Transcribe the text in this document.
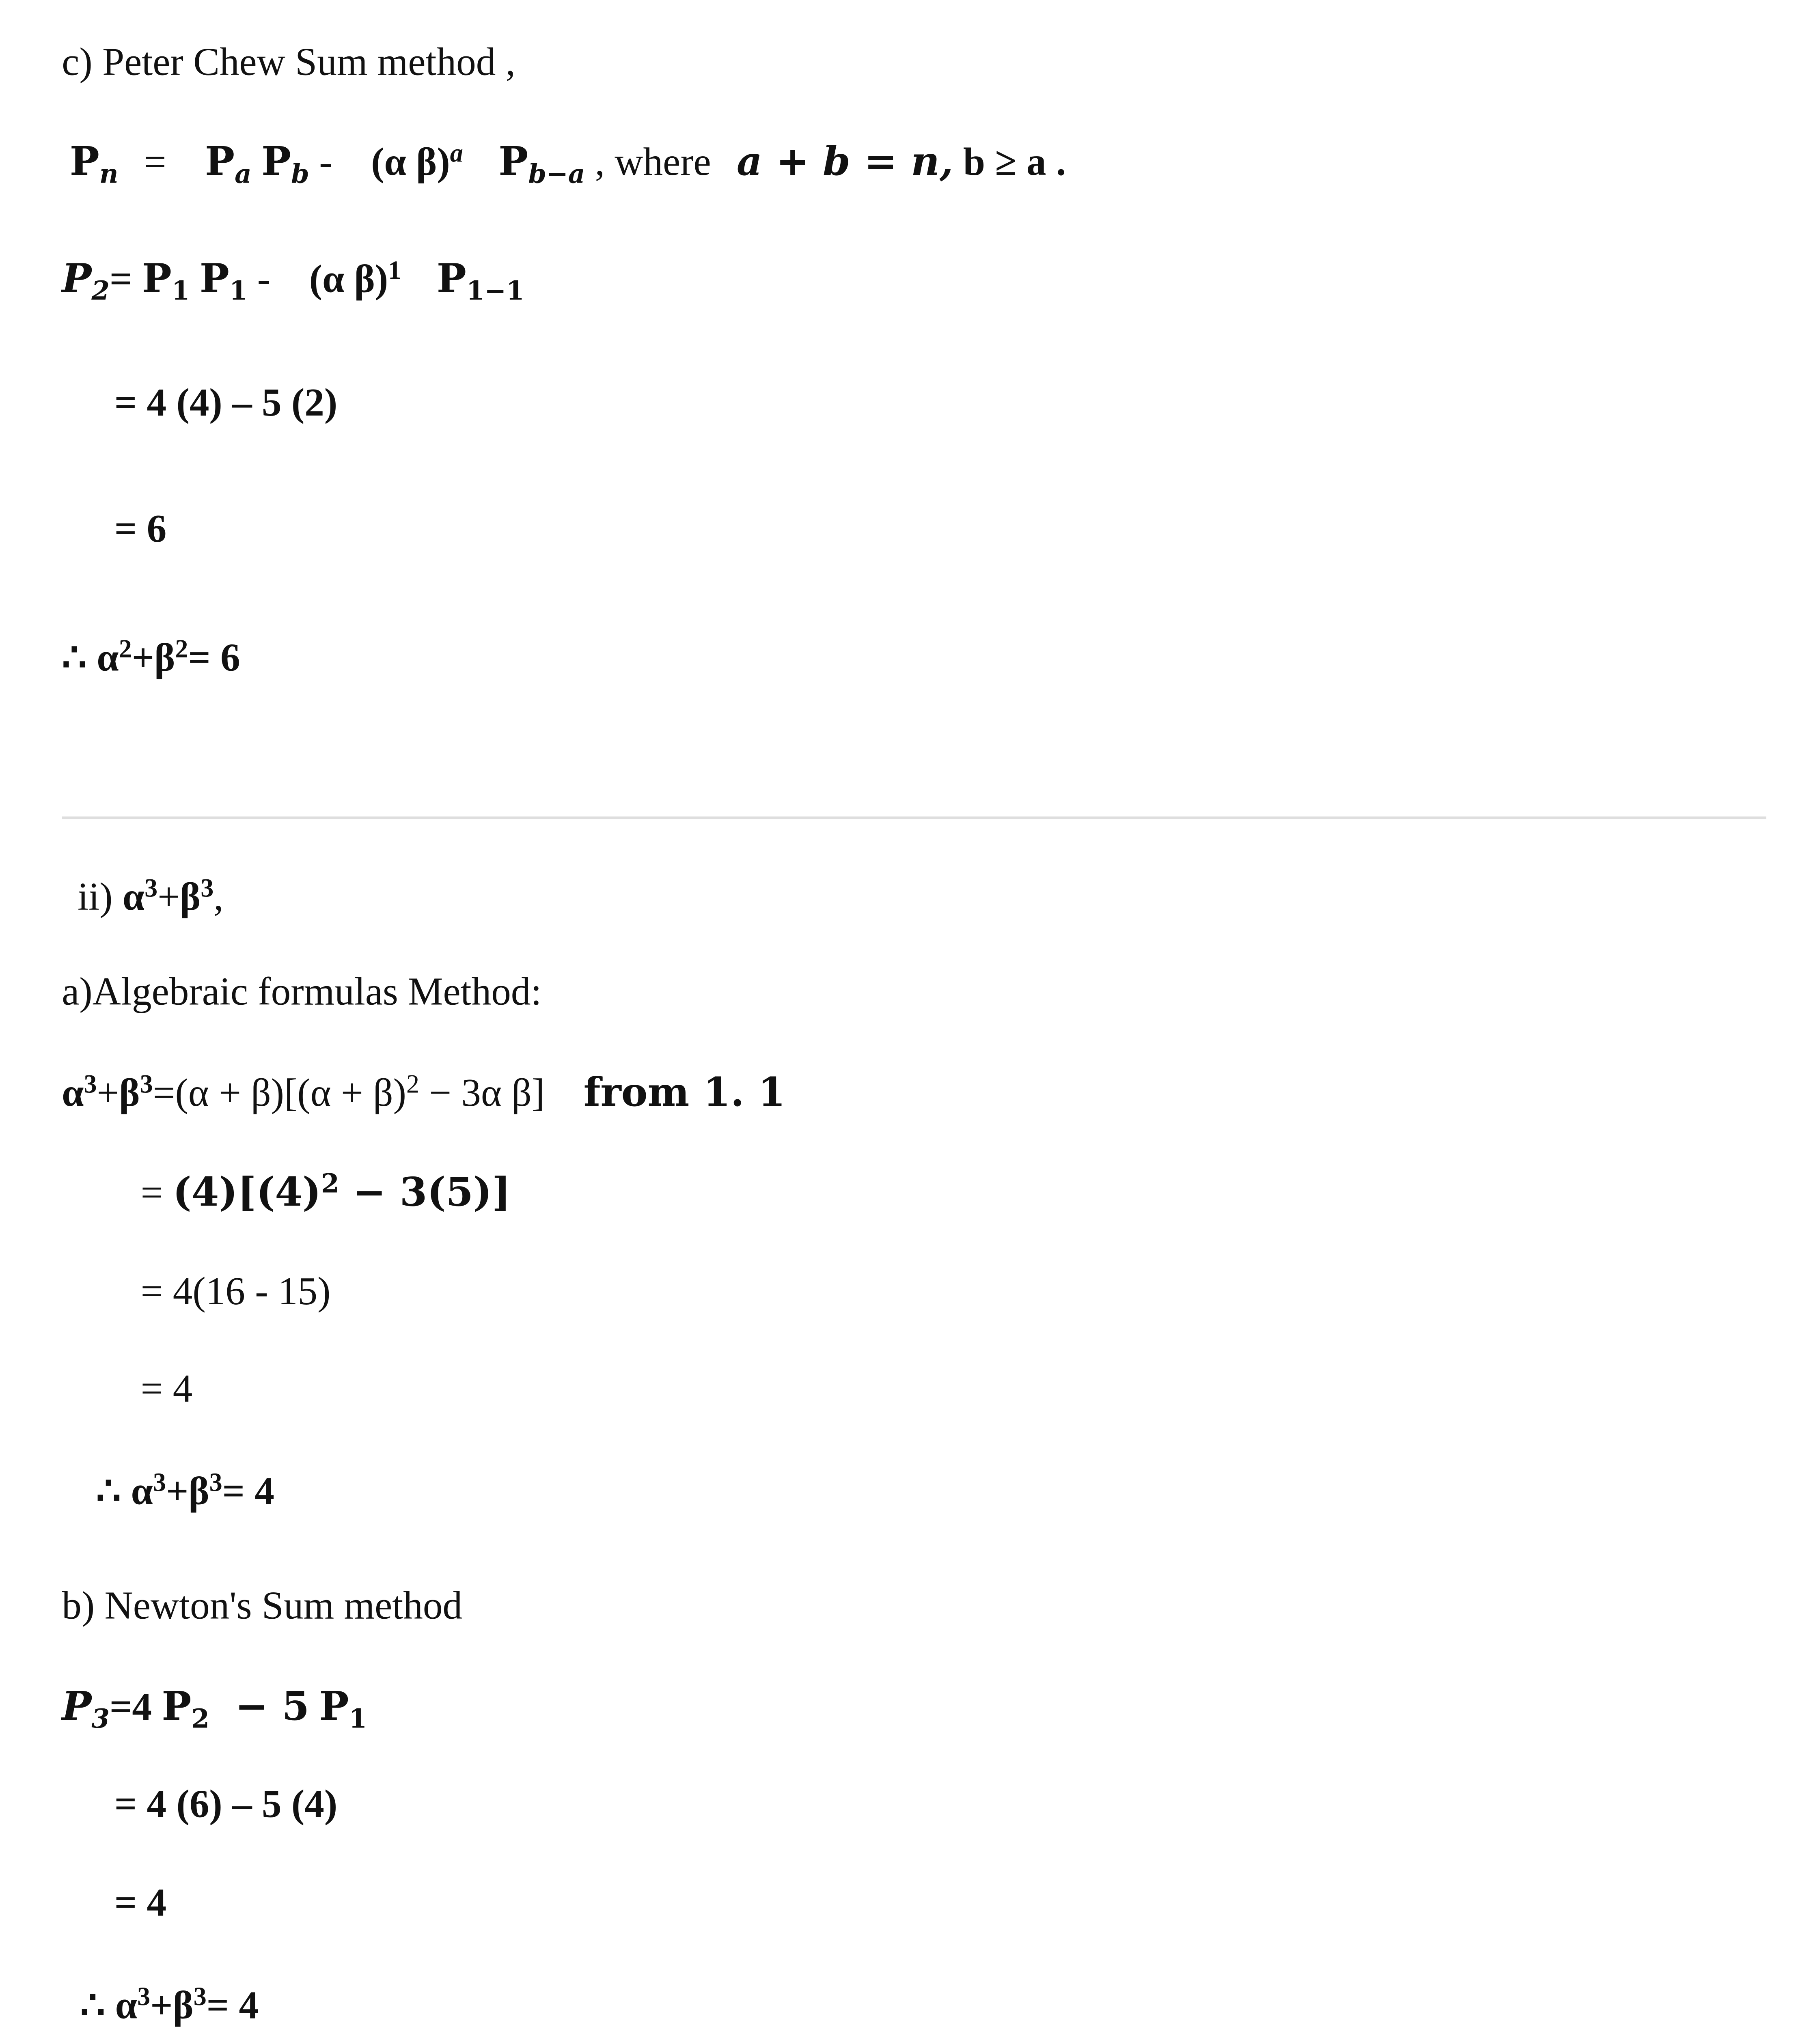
c) Peter Chew Sum method ,
$P_n$ =	$P_a$ $P_b$ -	(α β)$^a$	$P_{b-a}$ , where a + b = n, b ≥ a .
$P_2= P_1$ $P_1$ -	(α β)$^1$	$P_{1-1}$
= 4 (4) – 5 (2)
= 6
∴ $\alpha^2+\beta^2= 6$
ii) $\alpha^3+\beta^3$,
a)Algebraic formulas Method:
$\alpha^3+\beta^3=(\alpha + \beta)[(\alpha + \beta)^2 - 3\alpha$ β]	from 1. 1
= $(4)[(4)^2 - 3(5)]$
= 4(16 - 15)
= 4
∴ $\alpha^3+\beta^3= 4$
b) Newton's Sum method
$P_3=4$ $P_2 - 5$ $P_1$
= 4 (6) – 5 (4)
= 4
∴ $\alpha^3+\beta^3= 4$
